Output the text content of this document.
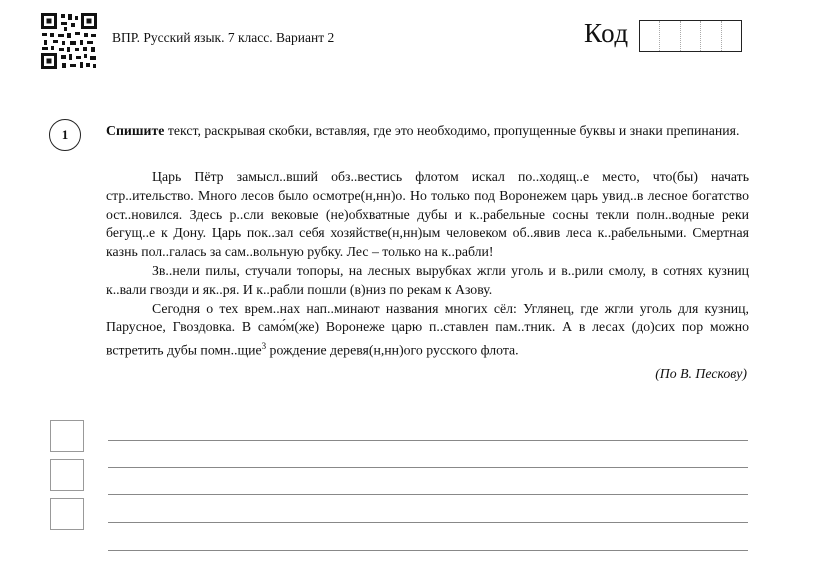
ВПР. Русский язык. 7 класс. Вариант 2	Код
1	Спишите текст, раскрывая скобки, вставляя, где это необходимо, пропущенные буквы и знаки препинания.

Царь Пётр замысл..вший обз..вестись флотом искал по..ходящ..е место, что(бы) начать стр..ительство. Много лесов было осмотре(н,нн)о. Но только под Воронежем царь увид..в лесное богатство ост..новился. Здесь р..сли вековые (не)обхватные дубы и к..рабельные сосны текли полн..водные реки бегущ..е к Дону. Царь пок..зал себя хозяйстве(н,нн)ым человеком об..явив леса к..рабельными. Смертная казнь пол..галась за сам..вольную рубку. Лес – только на к..рабли!

Зв..нели пилы, стучали топоры, на лесных вырубках жгли уголь и в..рили смолу, в сотнях кузниц к..вали гвозди и як..ря. И к..рабли пошли (в)низ по рекам к Азову.

Сегодня о тех врем..нах нап..минают названия многих сёл: Углянец, где жгли уголь для кузниц, Парусное, Гвоздовка. В само́м(же) Воронеже царю п..ставлен пам..тник. А в лесах (до)сих пор можно встретить дубы помн..щие$^3$ рождение деревя(н,нн)ого русского флота.

(По В. Пескову)
